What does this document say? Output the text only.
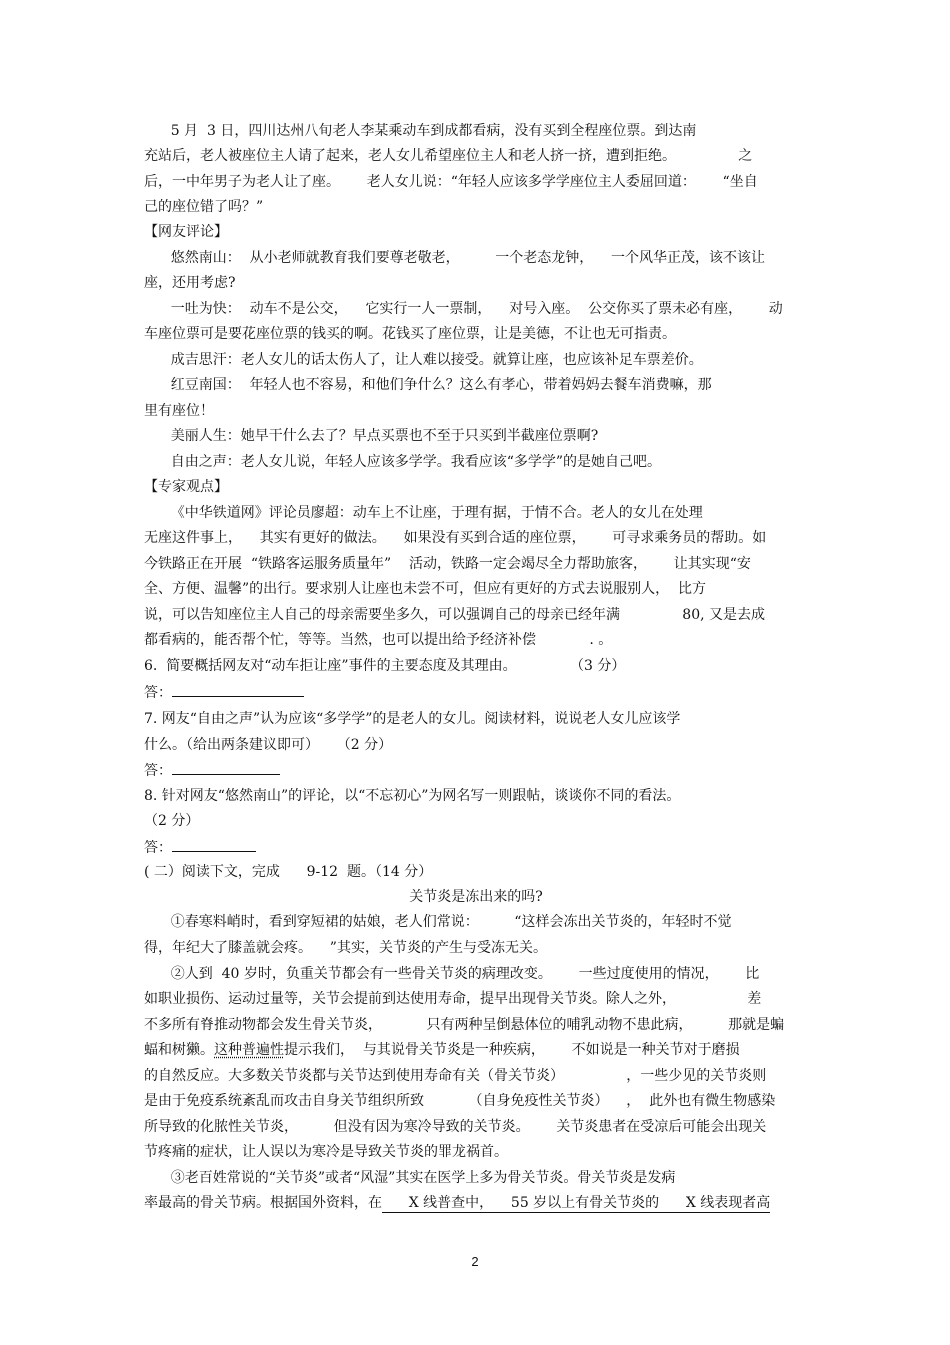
5 月  3 日，四川达州八旬老人李某乘动车到成都看病，没有买到全程座位票。到达南

充站后，老人被座位主人请了起来，老人女儿希望座位主人和老人挤一挤，遭到拒绝。              之

后，一中年男子为老人让了座。      老人女儿说：“年轻人应该多学学座位主人委屈回道：      “坐自

己的座位错了吗？”

【网友评论】

悠然南山：  从小老师就教育我们要尊老敬老，        一个老态龙钟，    一个风华正茂，该不该让

座，还用考虑?

一吐为快：  动车不是公交，    它实行一人一票制，    对号入座。  公交你买了票未必有座，      动

车座位票可是要花座位票的钱买的啊。花钱买了座位票，让是美德，不让也无可指责。

成吉思汗：老人女儿的话太伤人了，让人难以接受。就算让座，也应该补足车票差价。

红豆南国：  年轻人也不容易，和他们争什么？这么有孝心，带着妈妈去餐车消费嘛，那

里有座位！

美丽人生：她早干什么去了？早点买票也不至于只买到半截座位票啊?

自由之声：老人女儿说，年轻人应该多学学。我看应该“多学学”的是她自己吧。

【专家观点】

《中华铁道网》评论员廖超：动车上不让座，于理有据，于情不合。老人的女儿在处理

无座这件事上，    其实有更好的做法。    如果没有买到合适的座位票，      可寻求乘务员的帮助。如

今铁路正在开展  “铁路客运服务质量年”    活动，铁路一定会竭尽全力帮助旅客，      让其实现“安

全、方便、温馨”的出行。要求别人让座也未尝不可，但应有更好的方式去说服别人，  比方

说，可以告知座位主人自己的母亲需要坐多久，可以强调自己的母亲已经年满              80, 又是去成

都看病的，能否帮个忙，等等。当然，也可以提出给予经济补偿            . 。

6.  简要概括网友对“动车拒让座”事件的主要态度及其理由。            （3 分）

答：

7. 网友“自由之声”认为应该“多学学”的是老人的女儿。阅读材料，说说老人女儿应该学

什么。（给出两条建议即可）    （2 分）

答：

8. 针对网友“悠然南山”的评论，以“不忘初心”为网名写一则跟帖，谈谈你不同的看法。

（2 分）

答：

( 二）阅读下文，完成      9-12  题。（14 分）

关节炎是冻出来的吗?

①春寒料峭时，看到穿短裙的姑娘，老人们常说：        “这样会冻出关节炎的，年轻时不觉

得，年纪大了膝盖就会疼。    ”其实，关节炎的产生与受冻无关。

②人到  40 岁时，负重关节都会有一些骨关节炎的病理改变。      一些过度使用的情况，      比

如职业损伤、运动过量等，关节会提前到达使用寿命，提早出现骨关节炎。除人之外，                差

不多所有脊推动物都会发生骨关节炎，          只有两种呈倒悬体位的哺乳动物不患此病，        那就是蝙

蝠和树獭。这种普遍性提示我们，  与其说骨关节炎是一种疾病，      不如说是一种关节对于磨损

的自然反应。大多数关节炎都与关节达到使用寿命有关（骨关节炎）              ，一些少见的关节炎则

是由于免疫系统紊乱而攻击自身关节组织所致          （自身免疫性关节炎）    ，  此外也有微生物感染

所导致的化脓性关节炎，        但没有因为寒冷导致的关节炎。      关节炎患者在受凉后可能会出现关

节疼痛的症状，让人误以为寒冷是导致关节炎的罪龙祸首。

③老百姓常说的“关节炎”或者“风湿”其实在医学上多为骨关节炎。骨关节炎是发病

率最高的骨关节病。根据国外资料，在      X 线普查中，    55 岁以上有骨关节炎的      X 线表现者高

2
